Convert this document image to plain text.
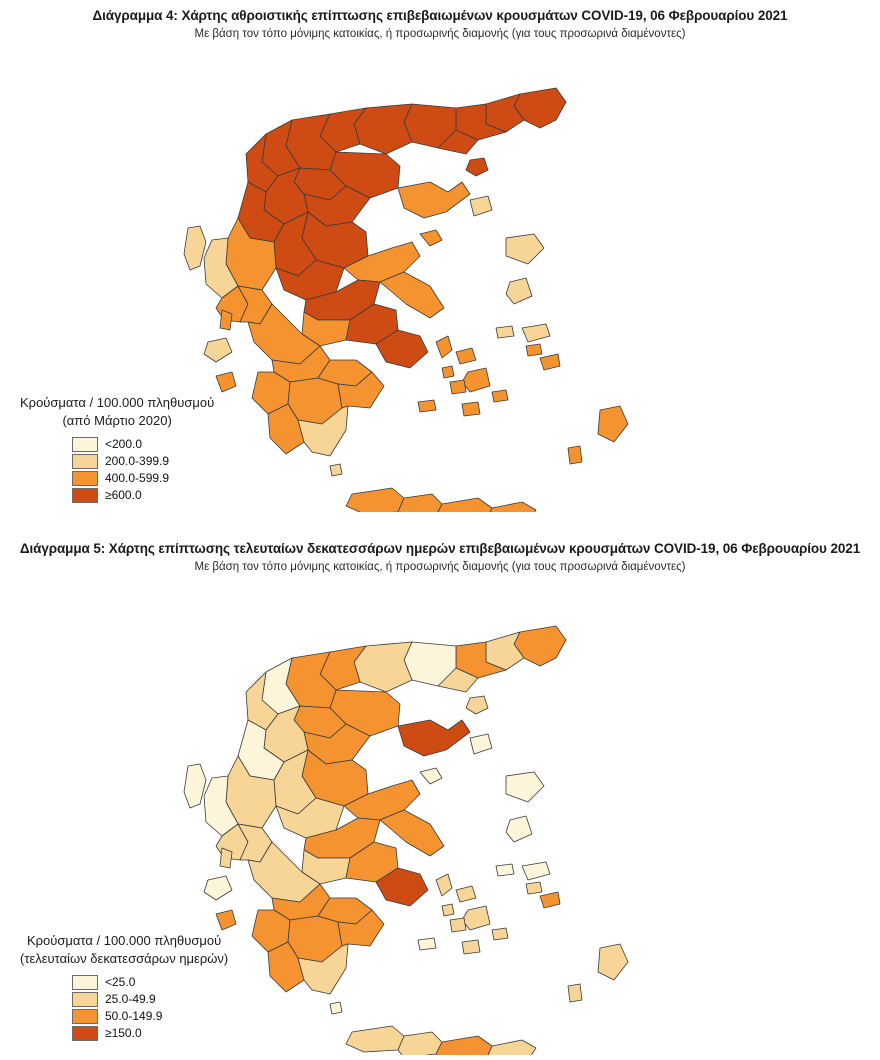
Διάγραμμα 4: Χάρτης αθροιστικής επίπτωσης επιβεβαιωμένων κρουσμάτων COVID-19, 06 Φεβρουαρίου 2021
Με βάση τον τόπο μόνιμης κατοικίας, ή προσωρινής διαμονής (για τους προσωρινά διαμένοντες)
Κρούσματα / 100.000 πληθυσμού
(από Μάρτιο 2020)
<200.0
200.0-399.9
400.0-599.9
≥600.0
Διάγραμμα 5: Χάρτης επίπτωσης τελευταίων δεκατεσσάρων ημερών επιβεβαιωμένων κρουσμάτων COVID-19, 06 Φεβρουαρίου 2021
Με βάση τον τόπο μόνιμης κατοικίας, ή προσωρινής διαμονής (για τους προσωρινά διαμένοντες)
Κρούσματα / 100.000 πληθυσμού
(τελευταίων δεκατεσσάρων ημερών)
<25.0
25.0-49.9
50.0-149.9
≥150.0
